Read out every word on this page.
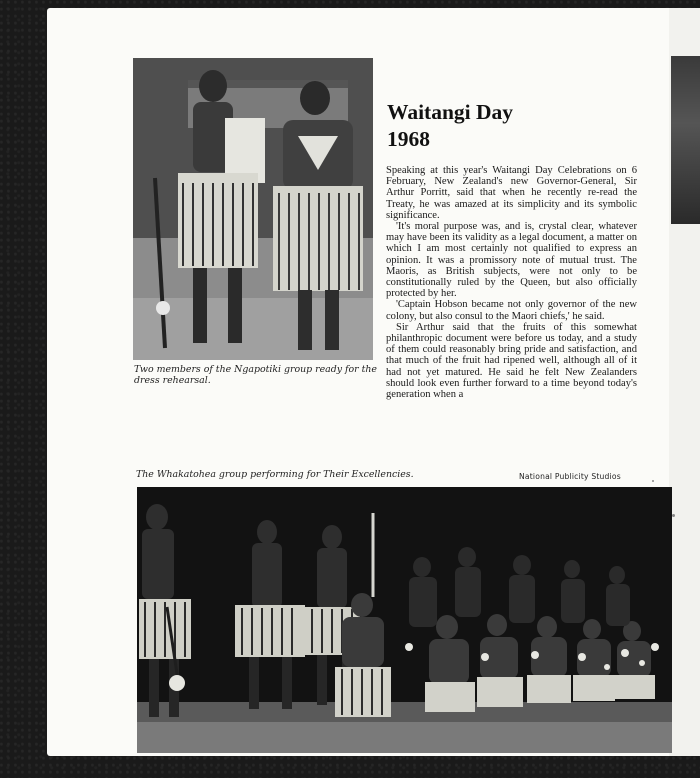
Two members of the Ngapotiki group ready for the dress rehearsal.

Waitangi Day
1968

Speaking at this year's Waitangi Day Celebrations on 6 February, New Zealand's new Governor-General, Sir Arthur Porritt, said that when he recently re-read the Treaty, he was amazed at its simplicity and its symbolic significance.

'It's moral purpose was, and is, crystal clear, whatever may have been its validity as a legal document, a matter on which I am most certainly not qualified to express an opinion. It was a promissory note of mutual trust. The Maoris, as British subjects, were not only to be constitutionally ruled by the Queen, but also officially protected by her.

'Captain Hobson became not only governor of the new colony, but also consul to the Maori chiefs,' he said.

Sir Arthur said that the fruits of this somewhat philanthropic document were before us today, and a study of them could reasonably bring pride and satisfaction, and that much of the fruit had ripened well, although all of it had not yet matured. He said he felt New Zealanders should look even further forward to a time beyond today's generation when a

The Whakatohea group performing for Their Excellencies.	National Publicity Studios
